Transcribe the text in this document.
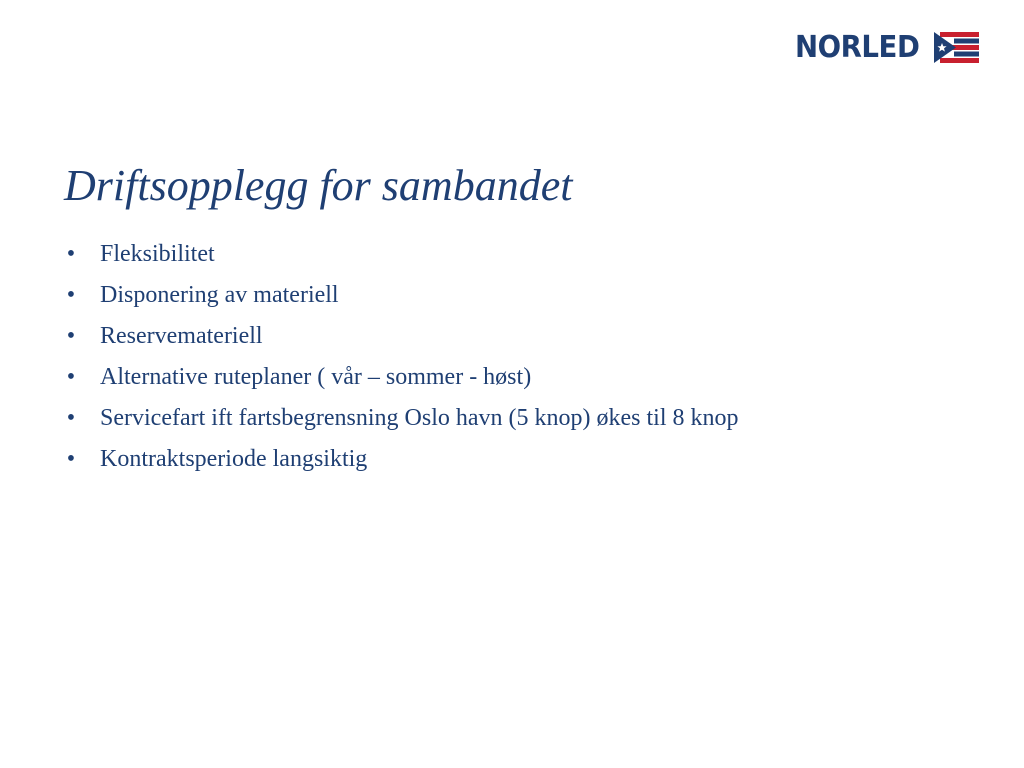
NORLED
Driftsopplegg for sambandet
• Fleksibilitet
• Disponering av materiell
• Reservemateriell
• Alternative ruteplaner ( vår – sommer - høst)
• Servicefart ift fartsbegrensning Oslo havn (5 knop) økes til 8 knop
• Kontraktsperiode langsiktig
